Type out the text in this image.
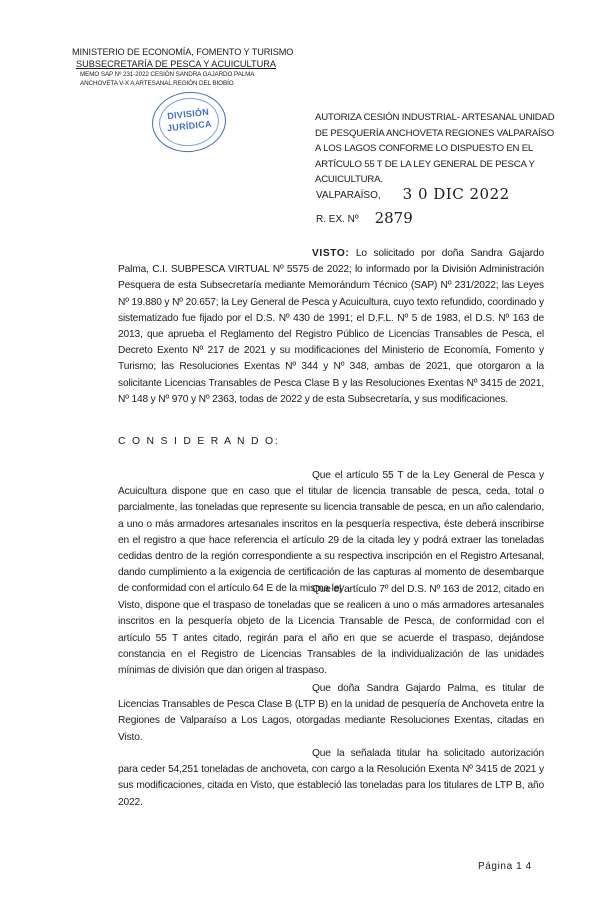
MINISTERIO DE ECONOMÍA, FOMENTO Y TURISMO
SUBSECRETARÍA DE PESCA Y ACUICULTURA
MEMO SAP Nº 231-2022 CESIÓN SANDRA GAJARDO PALMA
ANCHOVETA V-X A ARTESANAL REGIÓN DEL BIOBÍO
DIVISIÓN
JURÍDICA
AUTORIZA CESIÓN INDUSTRIAL- ARTESANAL UNIDAD DE PESQUERÍA ANCHOVETA REGIONES VALPARAÍSO A LOS LAGOS CONFORME LO DISPUESTO EN EL ARTÍCULO 55 T DE LA LEY GENERAL DE PESCA Y ACUICULTURA.
VALPARAÍSO, 3 0 DIC 2022
R. EX. Nº 2879
VISTO: Lo solicitado por doña Sandra Gajardo Palma, C.I. SUBPESCA VIRTUAL Nº 5575 de 2022; lo informado por la División Administración Pesquera de esta Subsecretaría mediante Memorándum Técnico (SAP) Nº 231/2022; las Leyes Nº 19.880 y Nº 20.657; la Ley General de Pesca y Acuicultura, cuyo texto refundido, coordinado y sistematizado fue fijado por el D.S. Nº 430 de 1991; el D.F.L. Nº 5 de 1983, el D.S. Nº 163 de 2013, que aprueba el Reglamento del Registro Público de Licencias Transables de Pesca, el Decreto Exento Nº 217 de 2021 y su modificaciones del Ministerio de Economía, Fomento y Turismo; las Resoluciones Exentas Nº 344 y Nº 348, ambas de 2021, que otorgaron a la solicitante Licencias Transables de Pesca Clase B y las Resoluciones Exentas Nº 3415 de 2021, Nº 148 y Nº 970 y Nº 2363, todas de 2022 y de esta Subsecretaría, y sus modificaciones.
C O N S I D E R A N D O:
Que el artículo 55 T de la Ley General de Pesca y Acuicultura dispone que en caso que el titular de licencia transable de pesca, ceda, total o parcialmente, las toneladas que represente su licencia transable de pesca, en un año calendario, a uno o más armadores artesanales inscritos en la pesquería respectiva, éste deberá inscribirse en el registro a que hace referencia el artículo 29 de la citada ley y podrá extraer las toneladas cedidas dentro de la región correspondiente a su respectiva inscripción en el Registro Artesanal, dando cumplimiento a la exigencia de certificación de las capturas al momento de desembarque de conformidad con el artículo 64 E de la misma ley.
Que el artículo 7º del D.S. Nº 163 de 2012, citado en Visto, dispone que el traspaso de toneladas que se realicen a uno o más armadores artesanales inscritos en la pesquería objeto de la Licencia Transable de Pesca, de conformidad con el artículo 55 T antes citado, regirán para el año en que se acuerde el traspaso, dejándose constancia en el Registro de Licencias Transables de la individualización de las unidades mínimas de división que dan origen al traspaso.
Que doña Sandra Gajardo Palma, es titular de Licencias Transables de Pesca Clase B (LTP B) en la unidad de pesquería de Anchoveta entre la Regiones de Valparaíso a Los Lagos, otorgadas mediante Resoluciones Exentas, citadas en Visto.
Que la señalada titular ha solicitado autorización para ceder 54,251 toneladas de anchoveta, con cargo a la Resolución Exenta Nº 3415 de 2021 y sus modificaciones, citada en Visto, que estableció las toneladas para los titulares de LTP B, año 2022.
Página 1 4
